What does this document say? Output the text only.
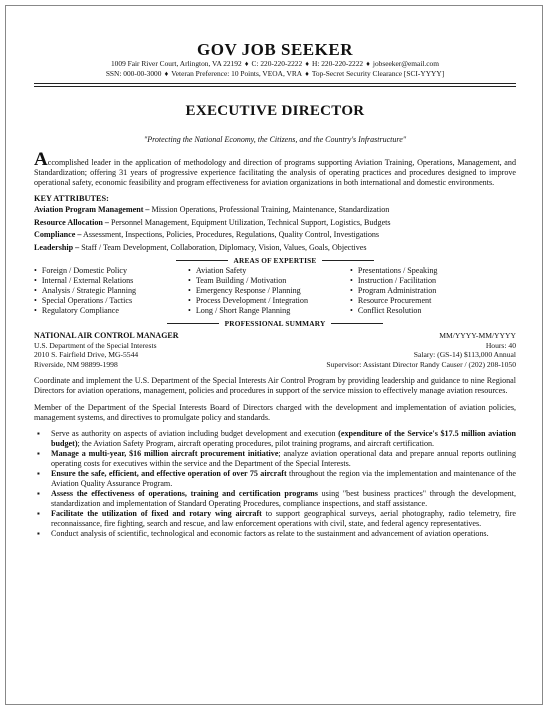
GOV JOB SEEKER
1009 Fair River Court, Arlington, VA 22192 ♦ C: 220-220-2222 ♦ H: 220-220-2222 ♦ jobseeker@email.com
SSN: 000-00-3000 ♦ Veteran Preference: 10 Points, VEOA, VRA ♦ Top-Secret Security Clearance [SCI-YYYY]
EXECUTIVE DIRECTOR
"Protecting the National Economy, the Citizens, and the Country's Infrastructure"
Accomplished leader in the application of methodology and direction of programs supporting Aviation Training, Operations, Management, and Standardization; offering 31 years of progressive experience facilitating the analysis of operating practices and procedures designed to improve operational safety, economic feasibility and program effectiveness for aviation organizations in both international and domestic environments.
KEY ATTRIBUTES:
Aviation Program Management – Mission Operations, Professional Training, Maintenance, Standardization
Resource Allocation – Personnel Management, Equipment Utilization, Technical Support, Logistics, Budgets
Compliance – Assessment, Inspections, Policies, Procedures, Regulations, Quality Control, Investigations
Leadership – Staff / Team Development, Collaboration, Diplomacy, Vision, Values, Goals, Objectives
AREAS OF EXPERTISE
• Foreign / Domestic Policy
• Internal / External Relations
• Analysis / Strategic Planning
• Special Operations / Tactics
• Regulatory Compliance
• Aviation Safety
• Team Building / Motivation
• Emergency Response / Planning
• Process Development / Integration
• Long / Short Range Planning
• Presentations / Speaking
• Instruction / Facilitation
• Program Administration
• Resource Procurement
• Conflict Resolution
PROFESSIONAL SUMMARY
NATIONAL AIR CONTROL MANAGER
U.S. Department of the Special Interests
2010 S. Fairfield Drive, MG-5544
Riverside, NM 98899-1998
MM/YYYY-MM/YYYY
Hours: 40
Salary: (GS-14) $113,000 Annual
Supervisor: Assistant Director Randy Causer / (202) 208-1050
Coordinate and implement the U.S. Department of the Special Interests Air Control Program by providing leadership and guidance to nine Regional Directors for aviation operations, management, policies and procedures in support of the service mission to effectively manage aviation resources.
Member of the Department of the Special Interests Board of Directors charged with the development and implementation of aviation policies, management systems, and directives to promulgate policy and standards.
▪ Serve as authority on aspects of aviation including budget development and execution (expenditure of the Service's $17.5 million aviation budget); the Aviation Safety Program, aircraft operating procedures, pilot training programs, and aircraft certification.
▪ Manage a multi-year, $16 million aircraft procurement initiative; analyze aviation operational data and prepare annual reports outlining operating costs for executives within the service and the Department of the Special Interests.
▪ Ensure the safe, efficient, and effective operation of over 75 aircraft throughout the region via the implementation and maintenance of the Aviation Quality Assurance Program.
▪ Assess the effectiveness of operations, training and certification programs using "best business practices" through the development, standardization and implementation of Standard Operating Procedures, compliance inspections, and staff assistance.
▪ Facilitate the utilization of fixed and rotary wing aircraft to support geographical surveys, aerial photography, radio telemetry, fire reconnaissance, fire fighting, search and rescue, and law enforcement operations with civil, state, and federal agency representatives.
▪ Conduct analysis of scientific, technological and economic factors as relate to the sustainment and advancement of aviation operations.
